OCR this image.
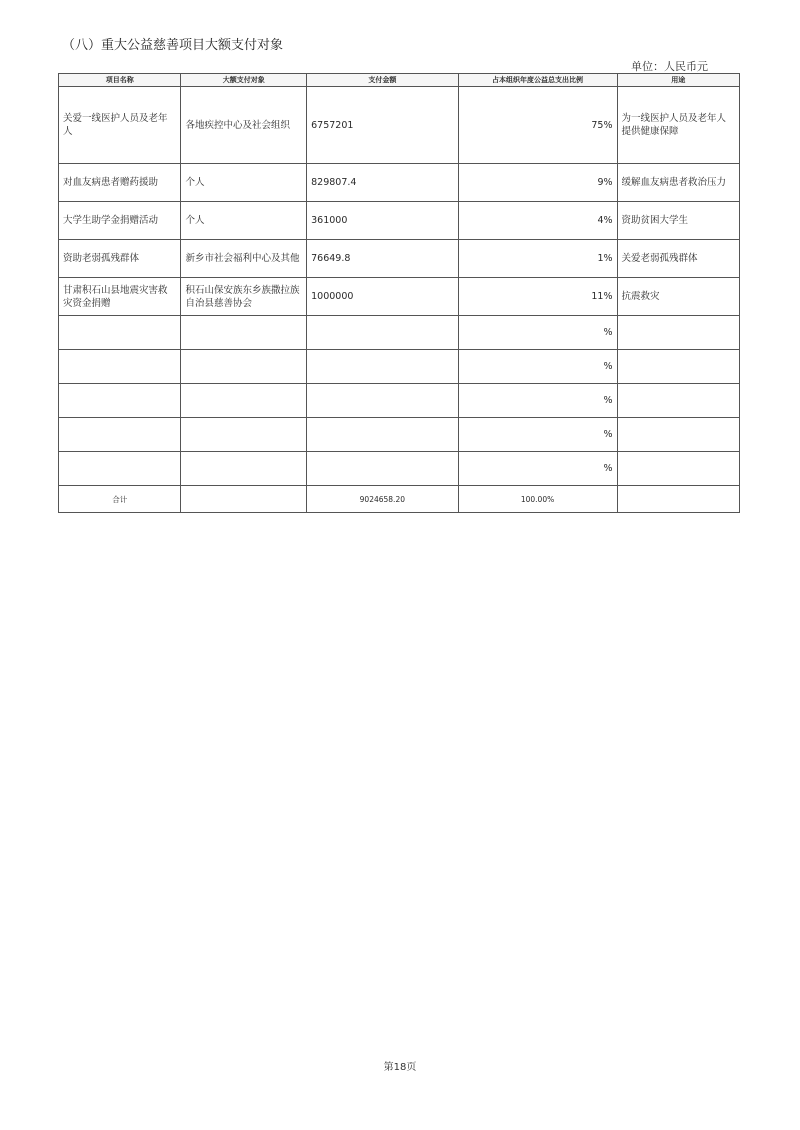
（八）重大公益慈善项目大额支付对象
单位：人民币元
项目名称	大额支付对象	支付金额	占本组织年度公益总支出比例	用途
关爱一线医护人员及老年人	各地疾控中心及社会组织	6757201	75%	为一线医护人员及老年人提供健康保障
对血友病患者赠药援助	个人	829807.4	9%	缓解血友病患者救治压力
大学生助学金捐赠活动	个人	361000	4%	资助贫困大学生
资助老弱孤残群体	新乡市社会福利中心及其他	76649.8	1%	关爱老弱孤残群体
甘肃积石山县地震灾害救灾资金捐赠	积石山保安族东乡族撒拉族自治县慈善协会	1000000	11%	抗震救灾
			%	
			%	
			%	
			%	
			%	
合计		9024658.20	100.00%	
第18页
